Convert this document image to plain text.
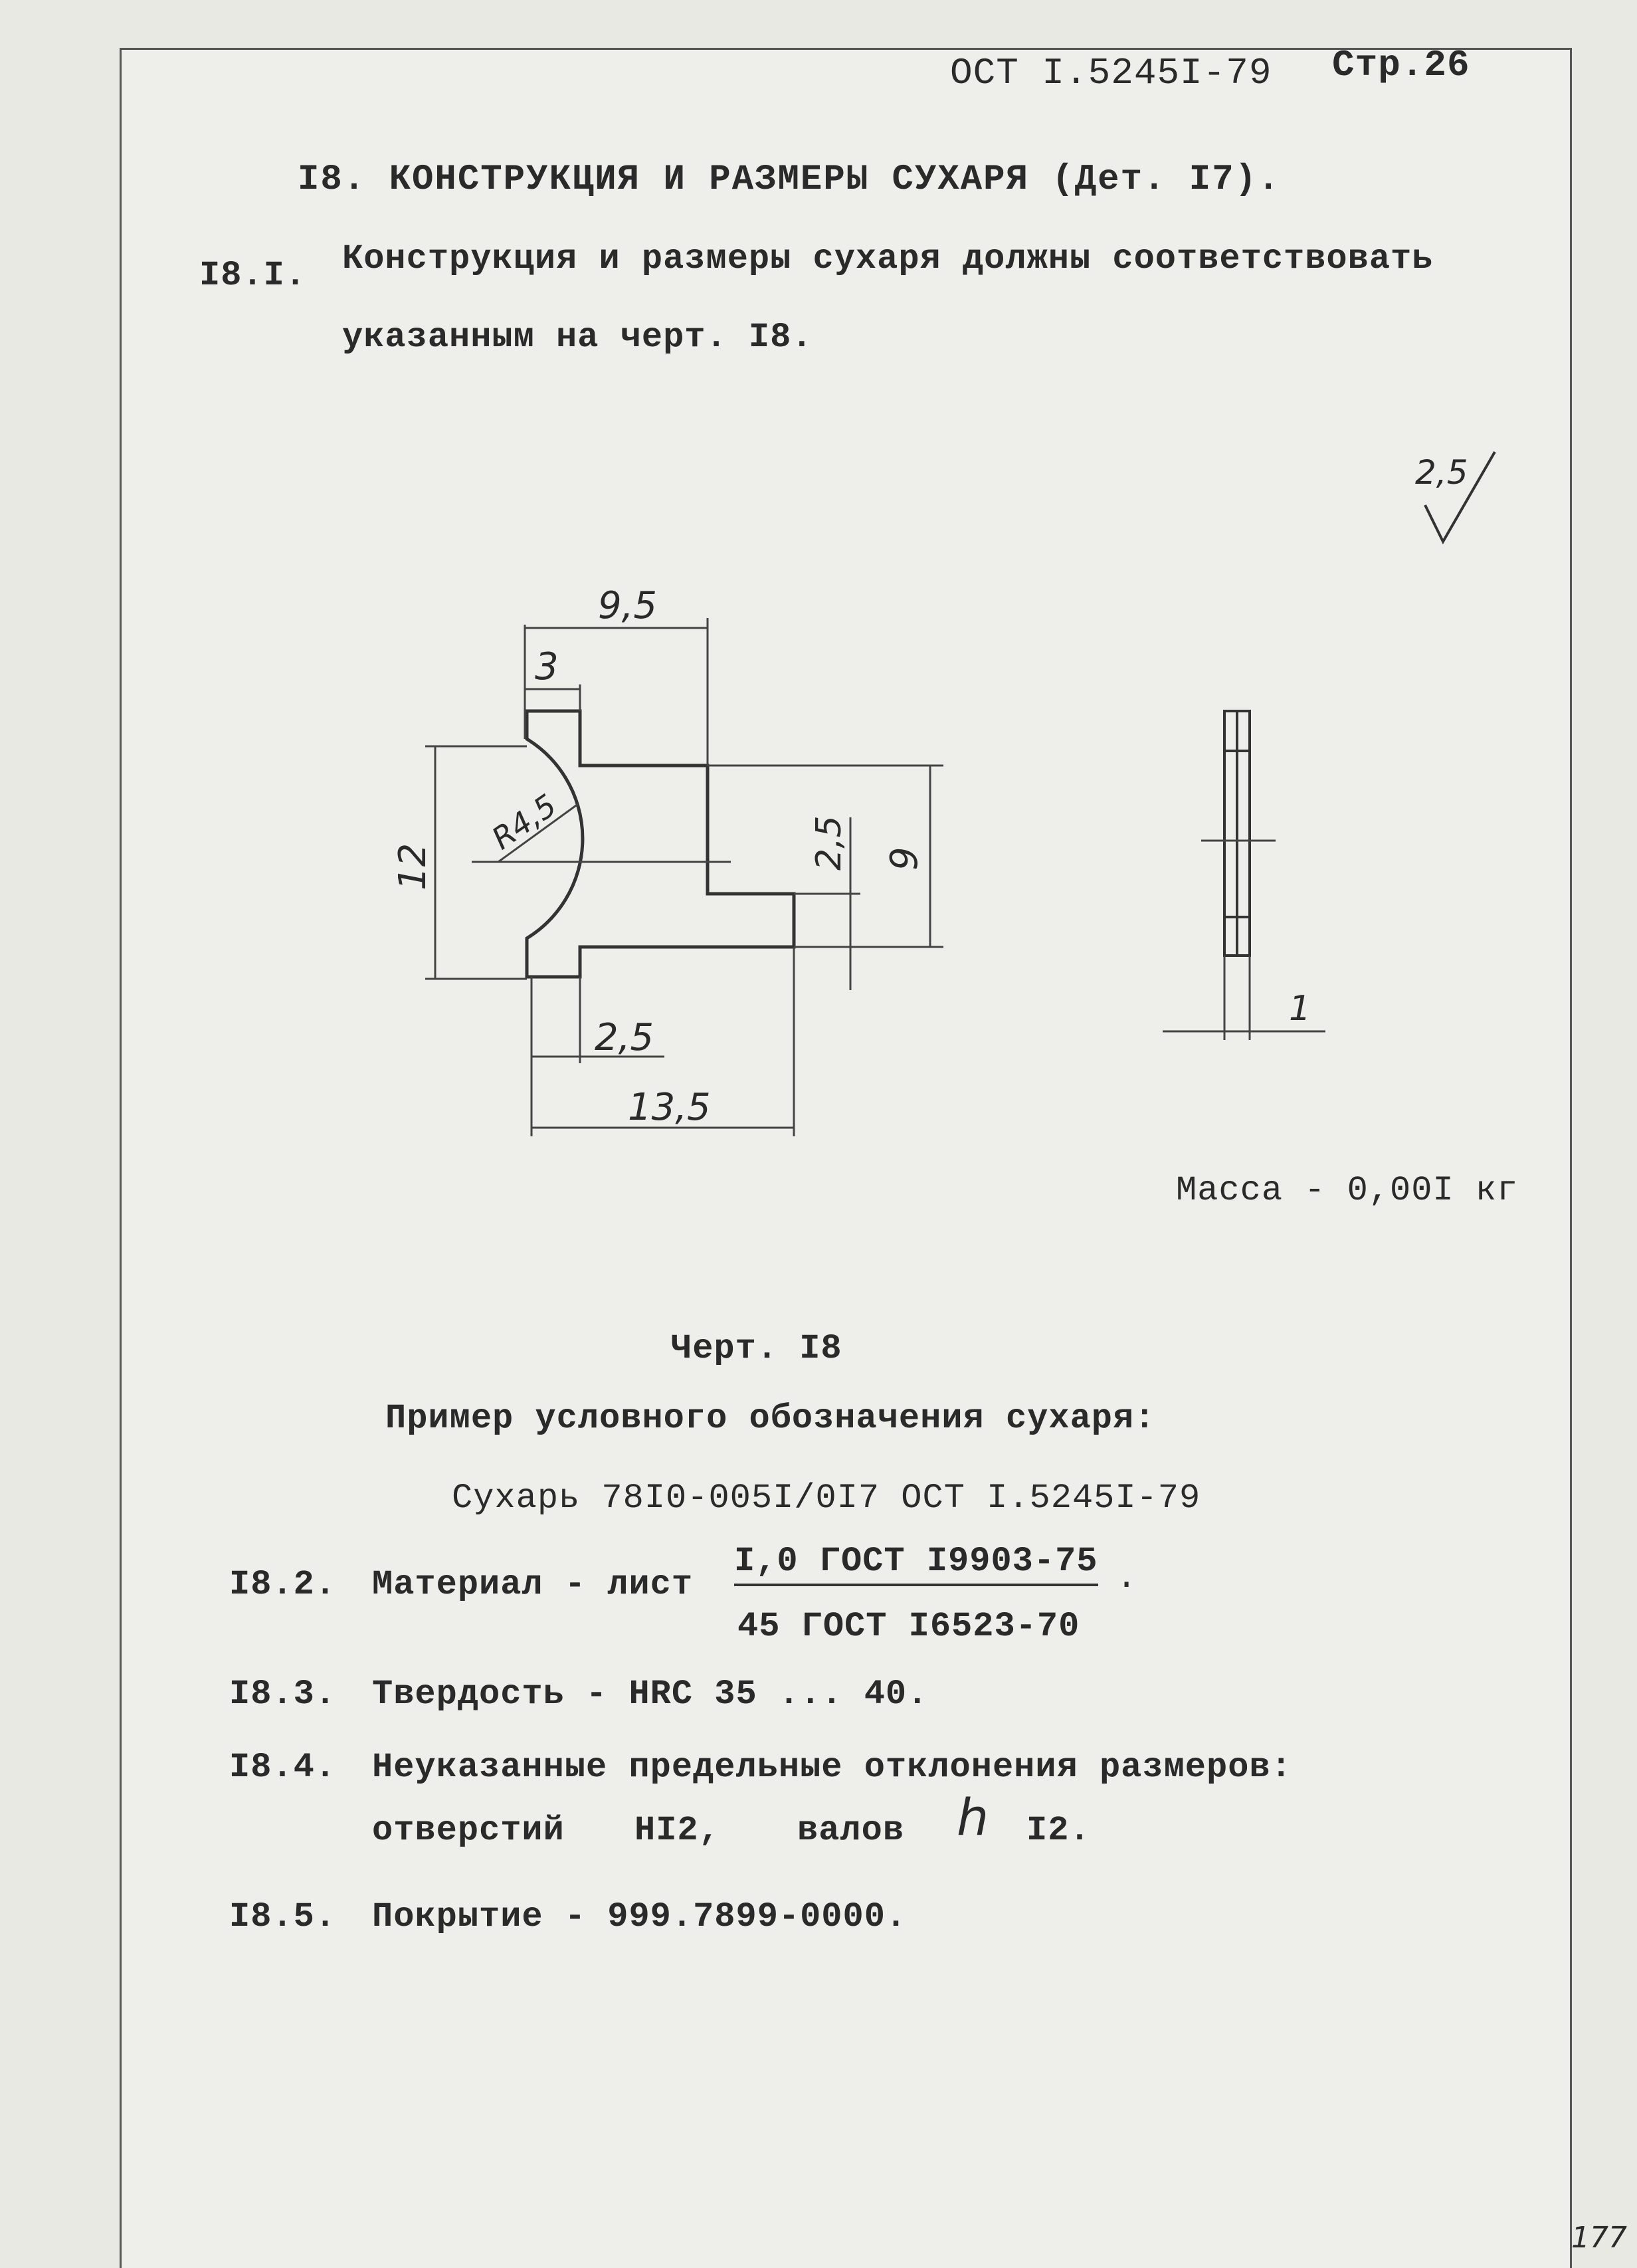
ОСТ I.5245I-79 Стр.26
I8. КОНСТРУКЦИЯ И РАЗМЕРЫ СУХАРЯ (Дет. I7).
I8.I. Конструкция и размеры сухаря должны соответствовать
указанным на черт. I8.
2,5
9,5
3
R4,5
12	2,5 9
2,5
13,5
1
Масса - 0,00I кг
Черт. I8
Пример условного обозначения сухаря:
Сухарь 78I0-005I/0I7 ОСТ I.5245I-79
I8.2. Материал - лист
I,0 ГОСТ I9903-75 .
45 ГОСТ I6523-70
I8.3. Твердость - HRC 35 ... 40.
I8.4. Неуказанные предельные отклонения размеров:
отверстий HI2, валов h I2.
I8.5. Покрытие - 999.7899-0000.
177
